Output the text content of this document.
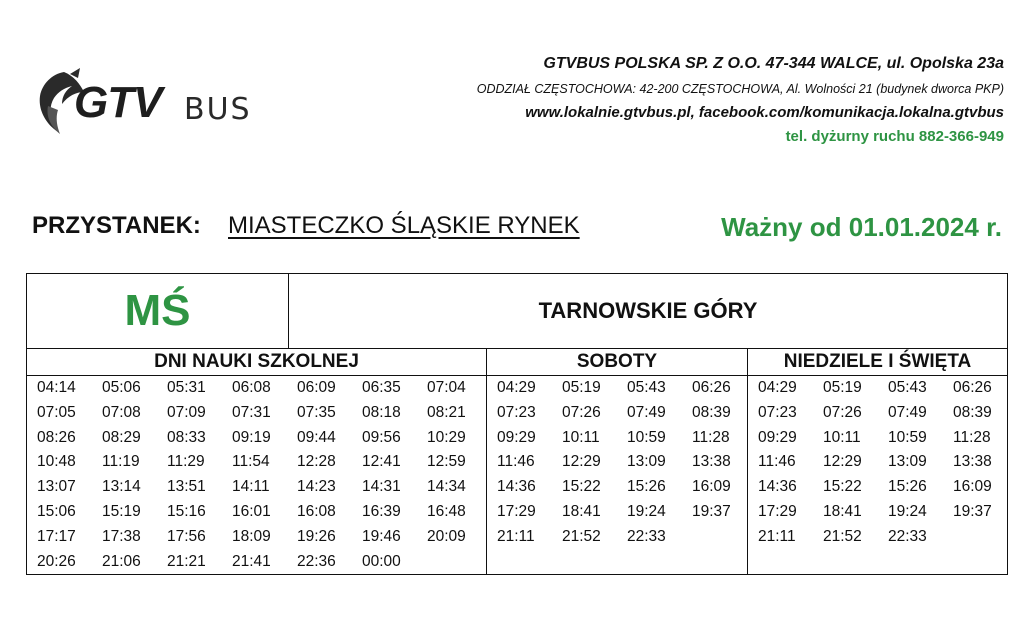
GTV BUS
GTVBUS POLSKA SP. Z O.O. 47-344 WALCE, ul. Opolska 23a
ODDZIAŁ CZĘSTOCHOWA: 42-200 CZĘSTOCHOWA, Al. Wolności 21 (budynek dworca PKP)
www.lokalnie.gtvbus.pl, facebook.com/komunikacja.lokalna.gtvbus
tel. dyżurny ruchu 882-366-949
PRZYSTANEK: MIASTECZKO ŚLĄSKIE RYNEK	Ważny od 01.01.2024 r.
MŚ	TARNOWSKIE GÓRY
DNI NAUKI SZKOLNEJ
04:14	05:06	05:31	06:08	06:09	06:35	07:04
07:05	07:08	07:09	07:31	07:35	08:18	08:21
08:26	08:29	08:33	09:19	09:44	09:56	10:29
10:48	11:19	11:29	11:54	12:28	12:41	12:59
13:07	13:14	13:51	14:11	14:23	14:31	14:34
15:06	15:19	15:16	16:01	16:08	16:39	16:48
17:17	17:38	17:56	18:09	19:26	19:46	20:09
20:26	21:06	21:21	21:41	22:36	00:00
SOBOTY
04:29	05:19	05:43	06:26
07:23	07:26	07:49	08:39
09:29	10:11	10:59	11:28
11:46	12:29	13:09	13:38
14:36	15:22	15:26	16:09
17:29	18:41	19:24	19:37
21:11	21:52	22:33
NIEDZIELE I ŚWIĘTA
04:29	05:19	05:43	06:26
07:23	07:26	07:49	08:39
09:29	10:11	10:59	11:28
11:46	12:29	13:09	13:38
14:36	15:22	15:26	16:09
17:29	18:41	19:24	19:37
21:11	21:52	22:33
